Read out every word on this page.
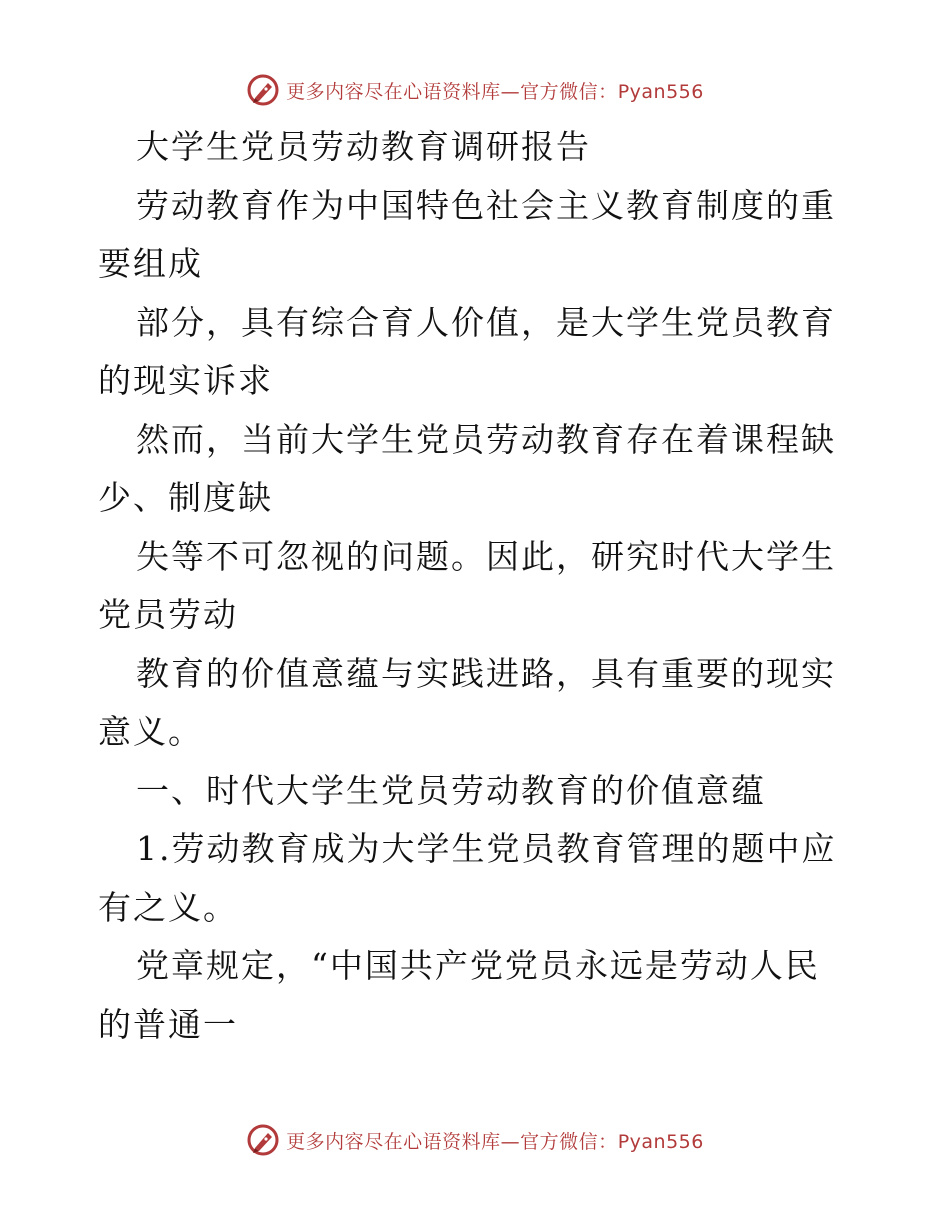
更多内容尽在心语资料库—官方微信：Pyan556

大学生党员劳动教育调研报告

劳动教育作为中国特色社会主义教育制度的重要组成

部分，具有综合育人价值，是大学生党员教育的现实诉求

然而，当前大学生党员劳动教育存在着课程缺少、制度缺

失等不可忽视的问题。因此，研究时代大学生党员劳动

教育的价值意蕴与实践进路，具有重要的现实意义。

一、时代大学生党员劳动教育的价值意蕴

1.劳动教育成为大学生党员教育管理的题中应有之义。

党章规定，“中国共产党党员永远是劳动人民的普通一

更多内容尽在心语资料库—官方微信：Pyan556
